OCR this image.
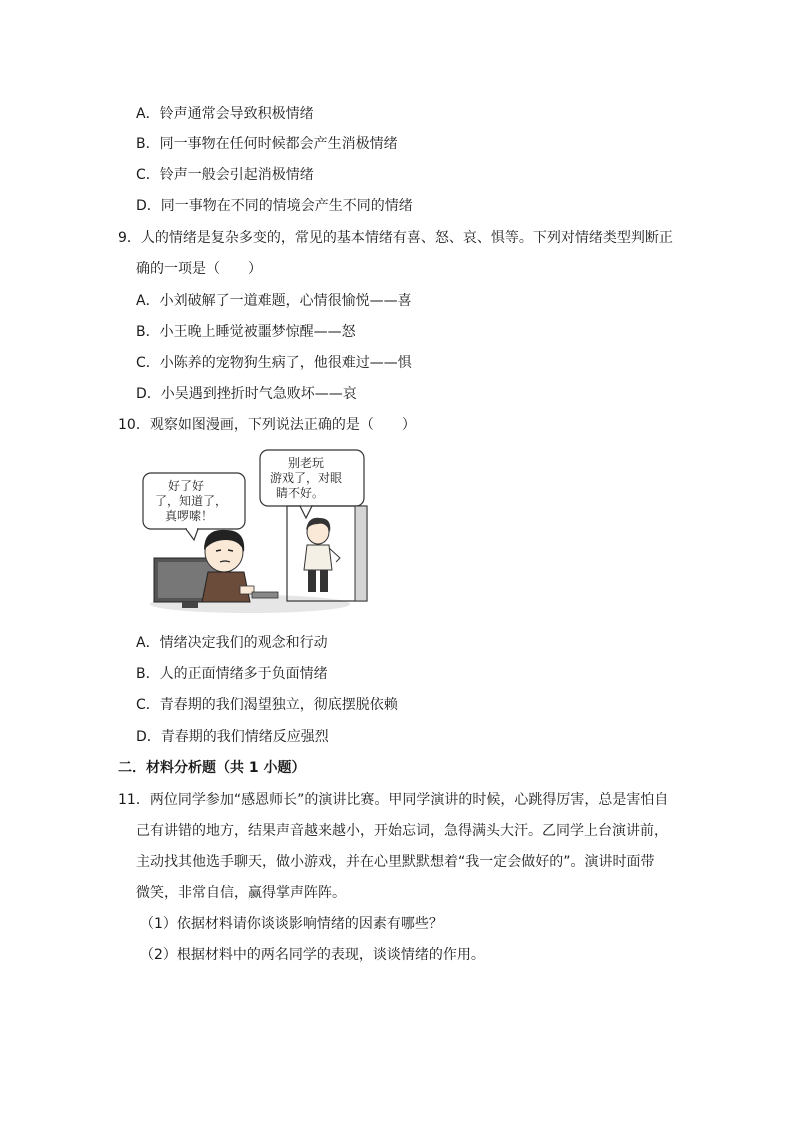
A．铃声通常会导致积极情绪
B．同一事物在任何时候都会产生消极情绪
C．铃声一般会引起消极情绪
D．同一事物在不同的情境会产生不同的情绪
9．人的情绪是复杂多变的，常见的基本情绪有喜、怒、哀、惧等。下列对情绪类型判断正
确的一项是（　　）
A．小刘破解了一道难题，心情很愉悦——喜
B．小王晚上睡觉被噩梦惊醒——怒
C．小陈养的宠物狗生病了，他很难过——惧
D．小吴遇到挫折时气急败坏——哀
10．观察如图漫画，下列说法正确的是（　　）
好了好
了，知道了，
真啰嗦！
别老玩
游戏了，对眼
睛不好。
A．情绪决定我们的观念和行动
B．人的正面情绪多于负面情绪
C．青春期的我们渴望独立，彻底摆脱依赖
D．青春期的我们情绪反应强烈
二．材料分析题（共 1 小题）
11．两位同学参加“感恩师长”的演讲比赛。甲同学演讲的时候，心跳得厉害，总是害怕自
己有讲错的地方，结果声音越来越小，开始忘词，急得满头大汗。乙同学上台演讲前，
主动找其他选手聊天，做小游戏，并在心里默默想着“我一定会做好的”。演讲时面带
微笑，非常自信，赢得掌声阵阵。
（1）依据材料请你谈谈影响情绪的因素有哪些？
（2）根据材料中的两名同学的表现，谈谈情绪的作用。
